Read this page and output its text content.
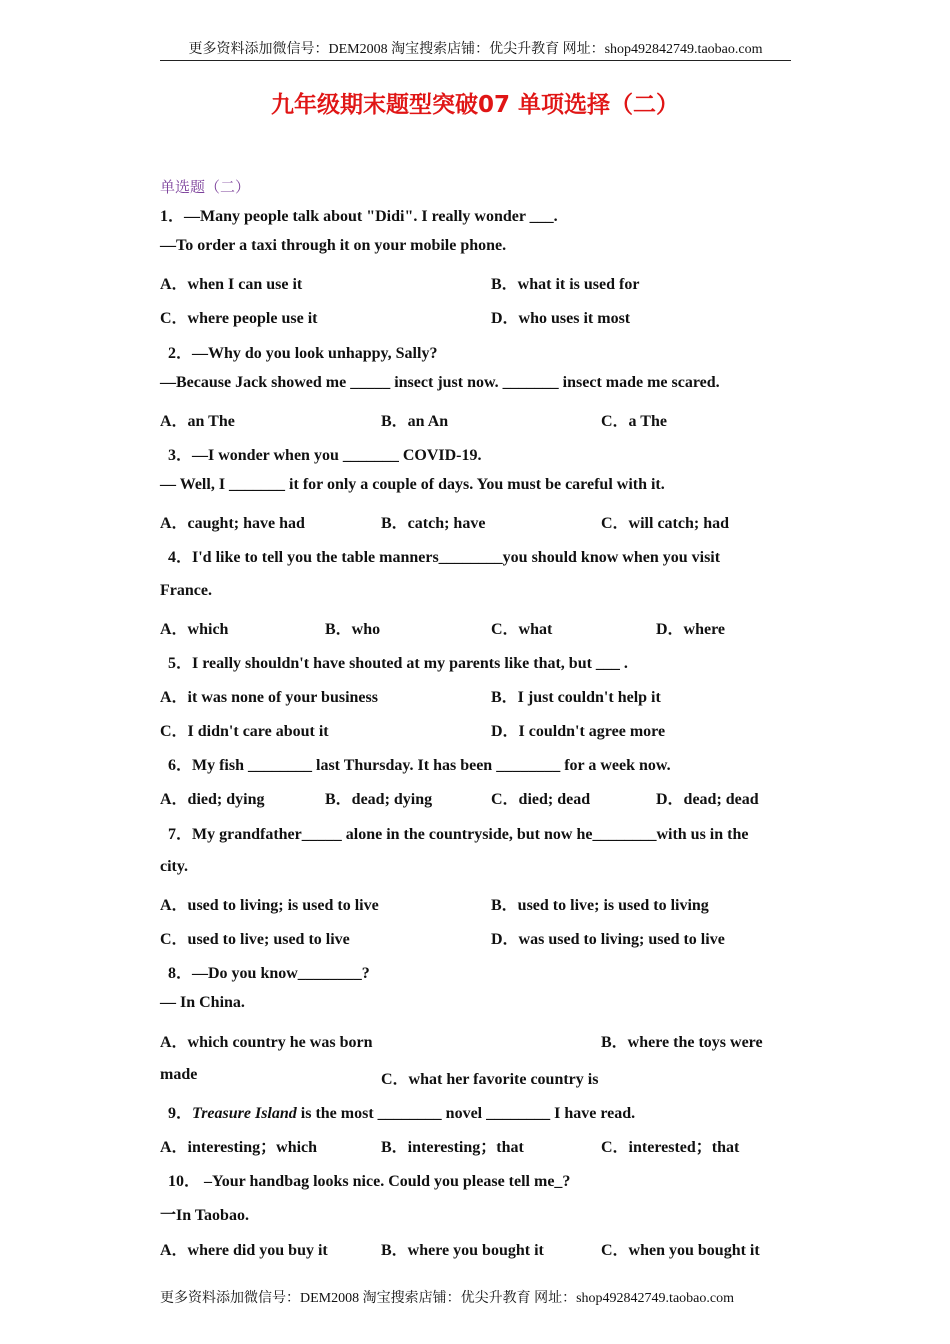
更多资料添加微信号：DEM2008 淘宝搜索店铺：优尖升教育 网址：shop492842749.taobao.com
九年级期末题型突破07 单项选择（二）
单选题（二）
1．—Many people talk about "Didi". I really wonder ___.
—To order a taxi through it on your mobile phone.
A．when I can use it	B．what it is used for
C．where people use it	D．who uses it most
2．—Why do you look unhappy, Sally?
—Because Jack showed me _____ insect just now. _______ insect made me scared.
A．an The	B．an An	C．a The
3．—I wonder when you _______ COVID-19.
— Well, I _______ it for only a couple of days. You must be careful with it.
A．caught; have had	B．catch; have	C．will catch; had
4．I'd like to tell you the table manners________you should know when you visit
France.
A．which	B．who	C．what	D．where
5．I really shouldn't have shouted at my parents like that, but ___ .
A．it was none of your business	B．I just couldn't help it
C．I didn't care about it	D．I couldn't agree more
6．My fish ________ last Thursday. It has been ________ for a week now.
A．died; dying	B．dead; dying	C．died; dead	D．dead; dead
7．My grandfather_____ alone in the countryside, but now he________with us in the
city.
A．used to living; is used to live	B．used to live; is used to living
C．used to live; used to live	D．was used to living; used to live
8．—Do you know________?
— In China.
A．which country he was born	B．where the toys were
made	C．what her favorite country is
9．Treasure Island is the most ________ novel ________ I have read.
A．interesting；which	B．interesting；that	C．interested；that
10． –Your handbag looks nice. Could you please tell me_?
一In Taobao.
A．where did you buy it	B．where you bought it	C．when you bought it
更多资料添加微信号：DEM2008 淘宝搜索店铺：优尖升教育 网址：shop492842749.taobao.com
